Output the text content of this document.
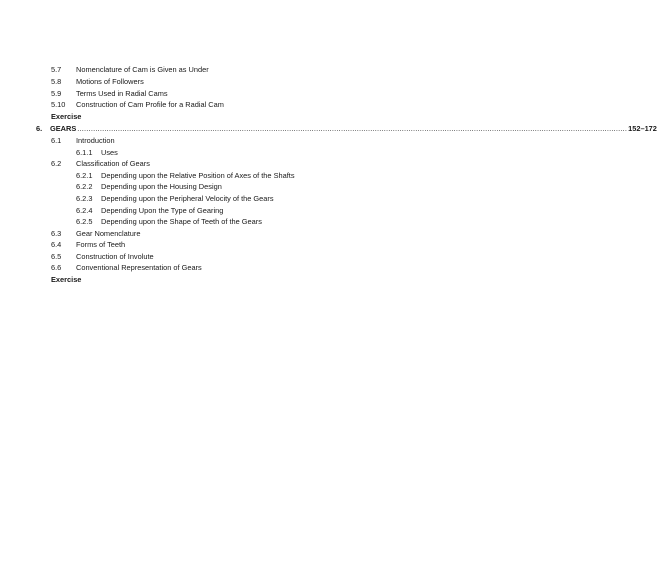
5.7 Nomenclature of Cam is Given as Under
5.8 Motions of Followers
5.9 Terms Used in Radial Cams
5.10 Construction of Cam Profile for a Radial Cam
Exercise
6. GEARS .................................................................................................................................................................................................................................................... 152–172
6.1 Introduction
6.1.1 Uses
6.2 Classification of Gears
6.2.1 Depending upon the Relative Position of Axes of the Shafts
6.2.2 Depending upon the Housing Design
6.2.3 Depending upon the Peripheral Velocity of the Gears
6.2.4 Depending Upon the Type of Gearing
6.2.5 Depending upon the Shape of Teeth of the Gears
6.3 Gear Nomenclature
6.4 Forms of Teeth
6.5 Construction of Involute
6.6 Conventional Representation of Gears
Exercise
